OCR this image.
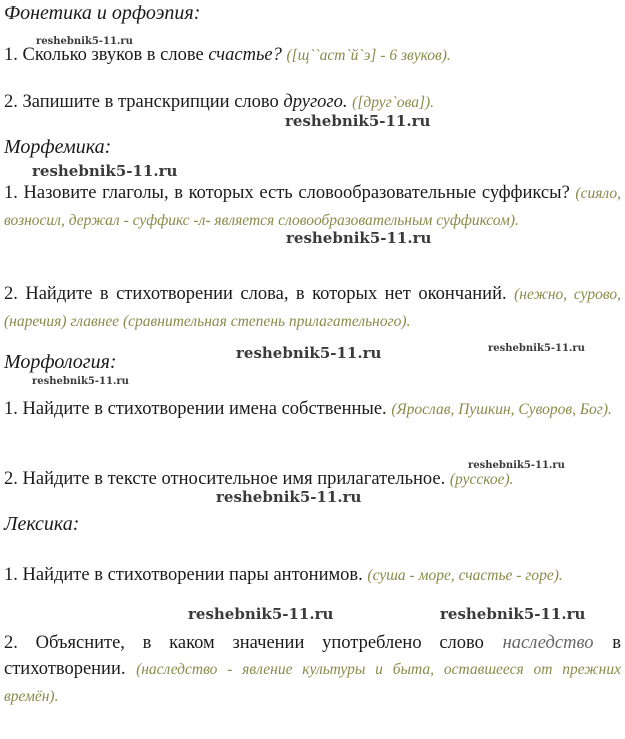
Фонетика и орфоэпия:
reshebnik5-11.ru
1. Сколько звуков в слове счастье? ([щ``аст`й`э] - 6 звуков).
2. Запишите в транскрипции слово другого. ([друг`ова]).
reshebnik5-11.ru
Морфемика:
reshebnik5-11.ru
1. Назовите глаголы, в которых есть словообразовательные суффиксы? (сияло, возносил, держал - суффикс -л- является словообразовательным суффиксом).
reshebnik5-11.ru
2. Найдите в стихотворении слова, в которых нет окончаний. (нежно, сурово, (наречия) главнее (сравнительная степень прилагательного).
Морфология:	reshebnik5-11.ru	reshebnik5-11.ru
reshebnik5-11.ru
1. Найдите в стихотворении имена собственные. (Ярослав, Пушкин, Суворов, Бог).
reshebnik5-11.ru
2. Найдите в тексте относительное имя прилагательное. (русское).
reshebnik5-11.ru
Лексика:
1. Найдите в стихотворении пары антонимов. (суша - море, счастье - горе).
reshebnik5-11.ru	reshebnik5-11.ru
2. Объясните, в каком значении употреблено слово наследство в стихотворении. (наследство - явление культуры и быта, оставшееся от прежних времён).
